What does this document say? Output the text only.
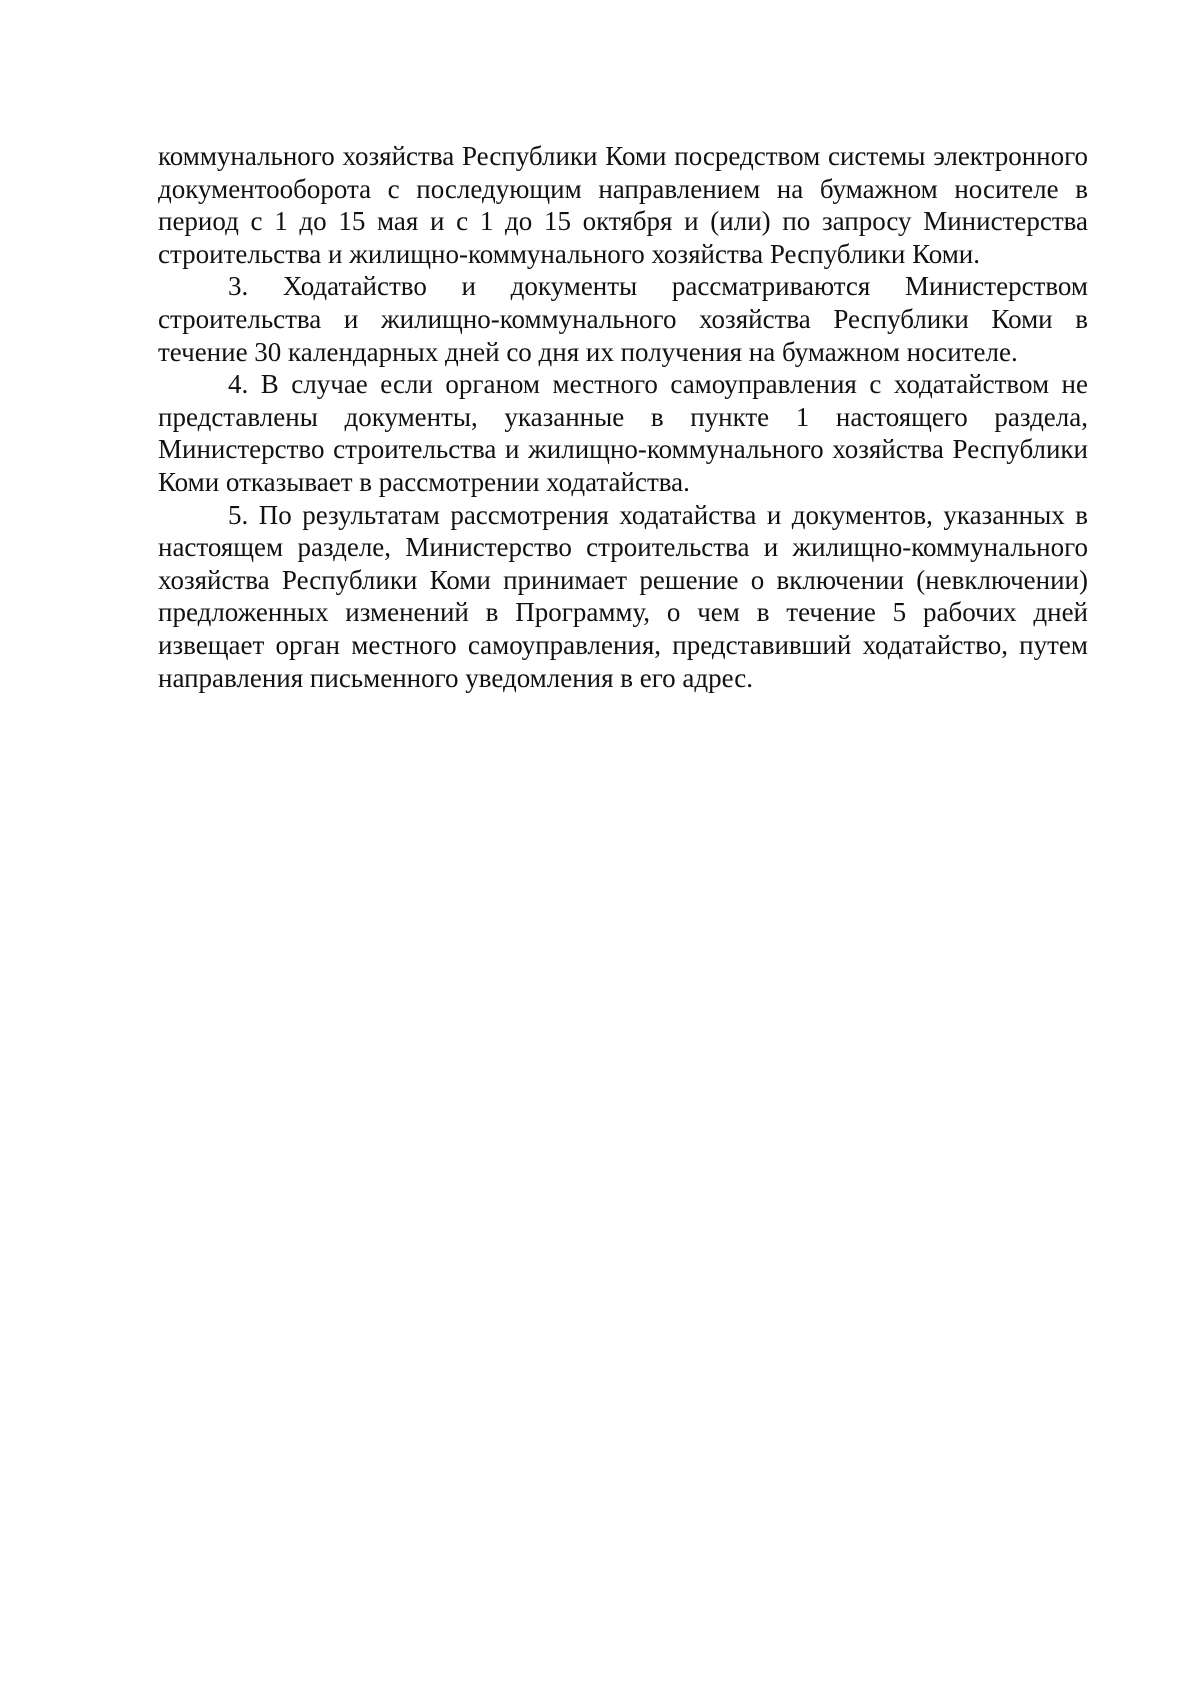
коммунального хозяйства Республики Коми посредством системы электронного документооборота с последующим направлением на бумажном носителе в период с 1 до 15 мая и с 1 до 15 октября и (или) по запросу Министерства строительства и жилищно-коммунального хозяйства Республики Коми.

3. Ходатайство и документы рассматриваются Министерством строительства и жилищно-коммунального хозяйства Республики Коми в течение 30 календарных дней со дня их получения на бумажном носителе.

4. В случае если органом местного самоуправления с ходатайством не представлены документы, указанные в пункте 1 настоящего раздела, Министерство строительства и жилищно-коммунального хозяйства Республики Коми отказывает в рассмотрении ходатайства.

5. По результатам рассмотрения ходатайства и документов, указанных в настоящем разделе, Министерство строительства и жилищно-коммунального хозяйства Республики Коми принимает решение о включении (невключении) предложенных изменений в Программу, о чем в течение 5 рабочих дней извещает орган местного самоуправления, представивший ходатайство, путем направления письменного уведомления в его адрес.
